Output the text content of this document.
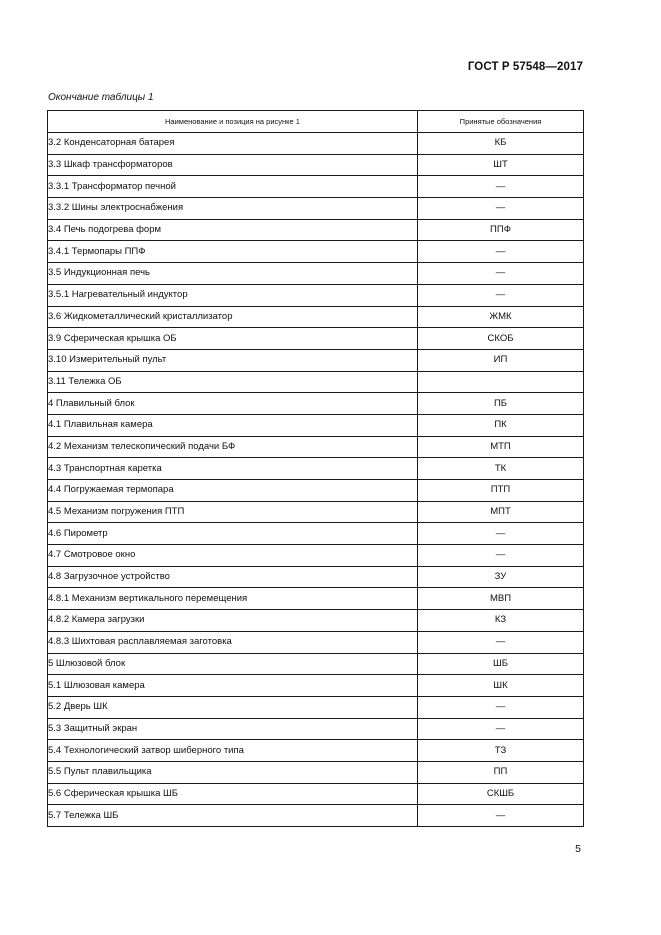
ГОСТ Р 57548—2017
Окончание таблицы 1
Наименование и позиция на рисунке 1	Принятые обозначения
3.2 Конденсаторная батарея	КБ
3.3 Шкаф трансформаторов	ШТ
3.3.1 Трансформатор печной	—
3.3.2 Шины электроснабжения	—
3.4 Печь подогрева форм	ППФ
3.4.1 Термопары ППФ	—
3.5 Индукционная печь	—
3.5.1 Нагревательный индуктор	—
3.6 Жидкометаллический кристаллизатор	ЖМК
3.9 Сферическая крышка ОБ	СКОБ
3.10 Измерительный пульт	ИП
3.11 Тележка ОБ	
4 Плавильный блок	ПБ
4.1 Плавильная камера	ПК
4.2 Механизм телескопический подачи БФ	МТП
4.3 Транспортная каретка	ТК
4.4 Погружаемая термопара	ПТП
4.5 Механизм погружения ПТП	МПТ
4.6 Пирометр	—
4.7 Смотровое окно	—
4.8 Загрузочное устройство	ЗУ
4.8.1 Механизм вертикального перемещения	МВП
4.8.2 Камера загрузки	КЗ
4.8.3 Шихтовая расплавляемая заготовка	—
5 Шлюзовой блок	ШБ
5.1 Шлюзовая камера	ШК
5.2 Дверь ШК	—
5.3 Защитный экран	—
5.4 Технологический затвор шиберного типа	ТЗ
5.5 Пульт плавильщика	ПП
5.6 Сферическая крышка ШБ	СКШБ
5.7 Тележка ШБ	—
5
